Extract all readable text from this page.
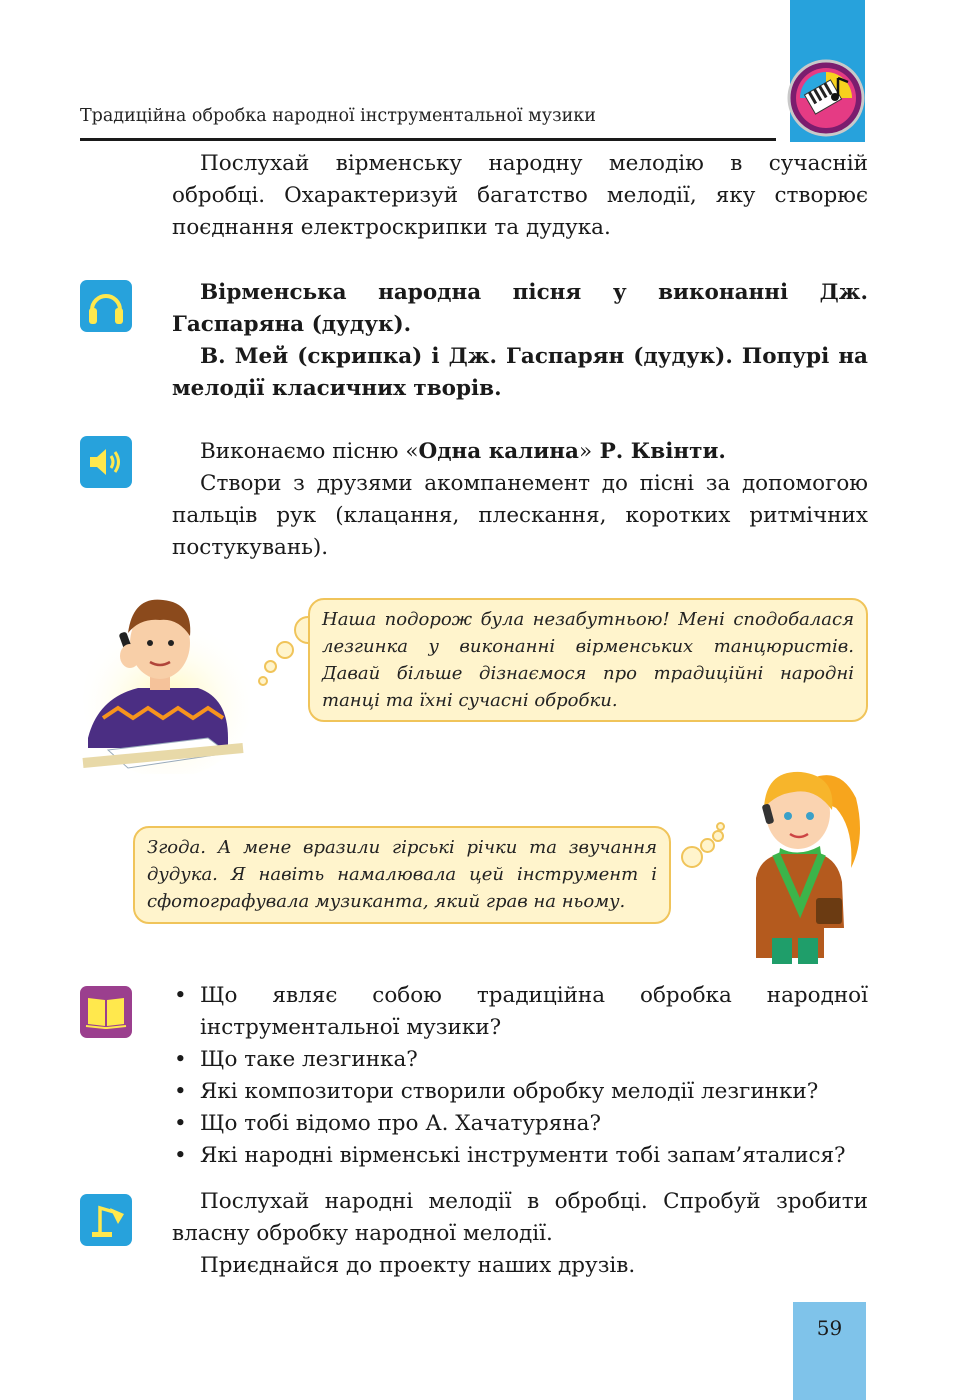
Традиційна обробка народної інструментальної музики

Послухай вірменську народну мелодію в сучасній обробці. Охарактеризуй багатство мелодії, яку створює поєднання електроскрипки та дудука.

Вірменська народна пісня у виконанні Дж. Гаспаряна (дудук).

В. Мей (скрипка) і Дж. Гаспарян (дудук). Попурі на мелодії класичних творів.

Виконаємо пісню «Одна калина» Р. Квінти.

Створи з друзями акомпанемент до пісні за допомогою пальців рук (клацання, плескання, коротких ритмічних постукувань).

Наша подорож була незабутньою! Мені сподобалася лезгинка у виконанні вірменських танцюристів. Давай більше дізнаємося про традиційні народні танці та їхні сучасні обробки.
Згода. А мене вразили гірські річки та звучання дудука. Я навіть намалювала цей інструмент і сфотографувала музиканта, який грав на ньому.
• Що являє собою традиційна обробка народної інструментальної музики?
• Що таке лезгинка?
• Які композитори створили обробку мелодії лезгинки?
• Що тобі відомо про А. Хачатуряна?
• Які народні вірменські інструменти тобі запам’яталися?

Послухай народні мелодії в обробці. Спробуй зробити власну обробку народної мелодії.

Приєднайся до проекту наших друзів.

59
